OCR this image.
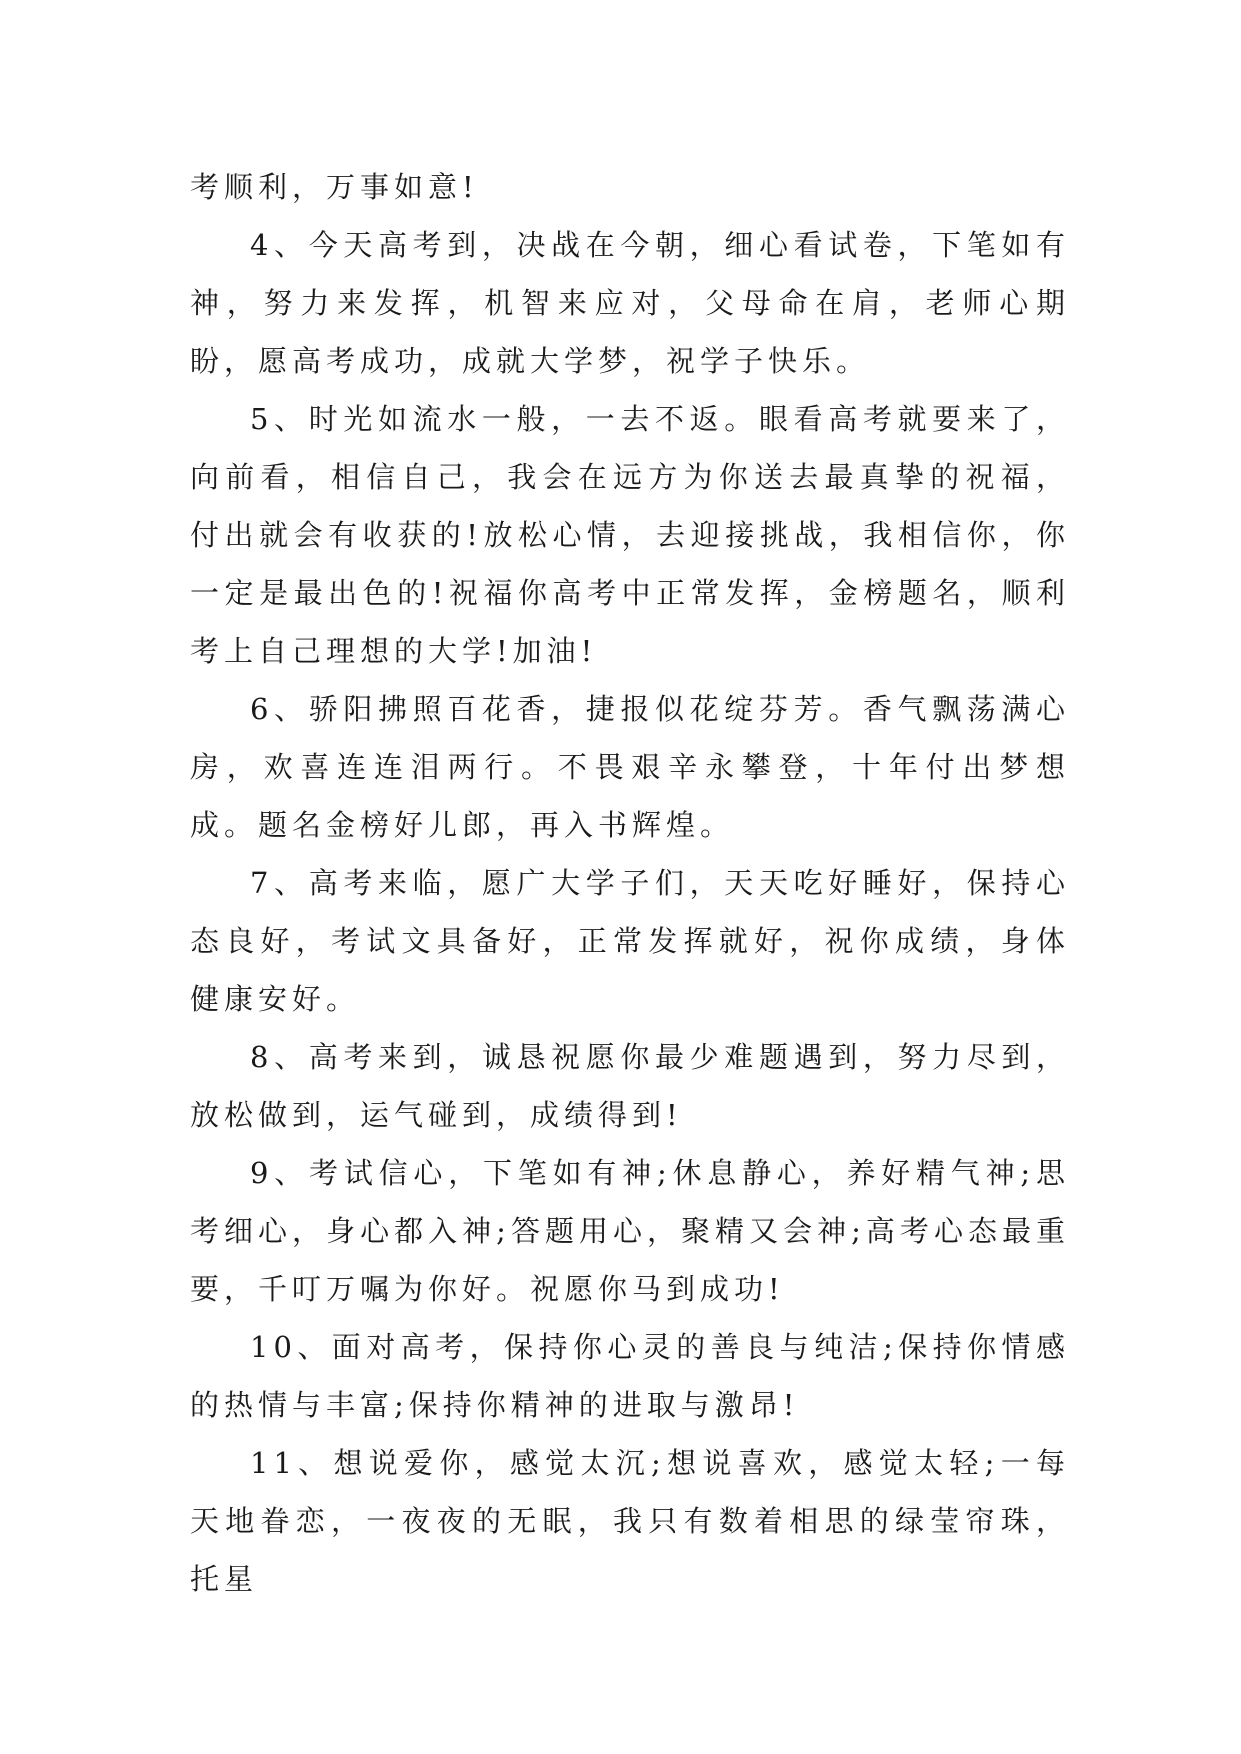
考顺利，万事如意!

4、今天高考到，决战在今朝，细心看试卷，下笔如有神，努力来发挥，机智来应对，父母命在肩，老师心期盼，愿高考成功，成就大学梦，祝学子快乐。

5、时光如流水一般，一去不返。眼看高考就要来了，向前看，相信自己，我会在远方为你送去最真挚的祝福，付出就会有收获的!放松心情，去迎接挑战，我相信你，你一定是最出色的!祝福你高考中正常发挥，金榜题名，顺利考上自己理想的大学!加油!

6、骄阳拂照百花香，捷报似花绽芬芳。香气飘荡满心房，欢喜连连泪两行。不畏艰辛永攀登，十年付出梦想成。题名金榜好儿郎，再入书辉煌。

7、高考来临，愿广大学子们，天天吃好睡好，保持心态良好，考试文具备好，正常发挥就好，祝你成绩，身体健康安好。

8、高考来到，诚恳祝愿你最少难题遇到，努力尽到，放松做到，运气碰到，成绩得到!

9、考试信心，下笔如有神;休息静心，养好精气神;思考细心，身心都入神;答题用心，聚精又会神;高考心态最重要，千叮万嘱为你好。祝愿你马到成功!

10、面对高考，保持你心灵的善良与纯洁;保持你情感的热情与丰富;保持你精神的进取与激昂!

11、想说爱你，感觉太沉;想说喜欢，感觉太轻;一每天地眷恋，一夜夜的无眠，我只有数着相思的绿莹帘珠，托星
